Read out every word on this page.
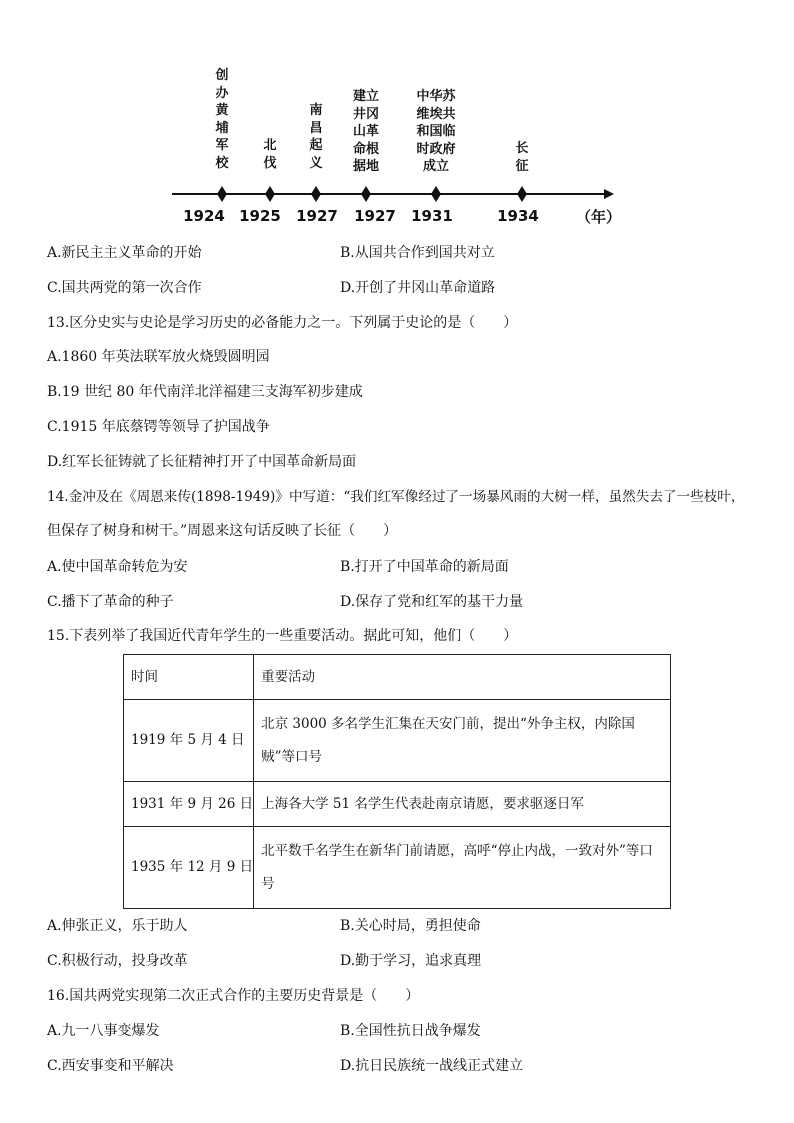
创
办
黄
埔
军
校
北
伐
南
昌
起
义
建立
井冈
山革
命根
据地
中华苏
维埃共
和国临
时政府
成立
长
征
1924 1925	1927	1927	1931	1934	（年）
A.新民主主义革命的开始	B.从国共合作到国共对立
C.国共两党的第一次合作	D.开创了井冈山革命道路
13.区分史实与史论是学习历史的必备能力之一。下列属于史论的是（　　）
A.1860 年英法联军放火烧毁圆明园
B.19 世纪 80 年代南洋北洋福建三支海军初步建成
C.1915 年底蔡锷等领导了护国战争
D.红军长征铸就了长征精神打开了中国革命新局面
14.金冲及在《周恩来传(1898-1949)》中写道：“我们红军像经过了一场暴风雨的大树一样，虽然失去了一些枝叶，
但保存了树身和树干。”周恩来这句话反映了长征（　　）
A.使中国革命转危为安	B.打开了中国革命的新局面
C.播下了革命的种子	D.保存了党和红军的基干力量
15.下表列举了我国近代青年学生的一些重要活动。据此可知，他们（　　）
时间	重要活动
1919 年 5 月 4 日	北京 3000 多名学生汇集在天安门前，提出“外争主权，内除国贼”等口号
1931 年 9 月 26 日	上海各大学 51 名学生代表赴南京请愿，要求驱逐日军
1935 年 12 月 9 日	北平数千名学生在新华门前请愿，高呼“停止内战，一致对外”等口号
A.伸张正义，乐于助人	B.关心时局，勇担使命
C.积极行动，投身改革	D.勤于学习，追求真理
16.国共两党实现第二次正式合作的主要历史背景是（　　）
A.九一八事变爆发	B.全国性抗日战争爆发
C.西安事变和平解决	D.抗日民族统一战线正式建立
